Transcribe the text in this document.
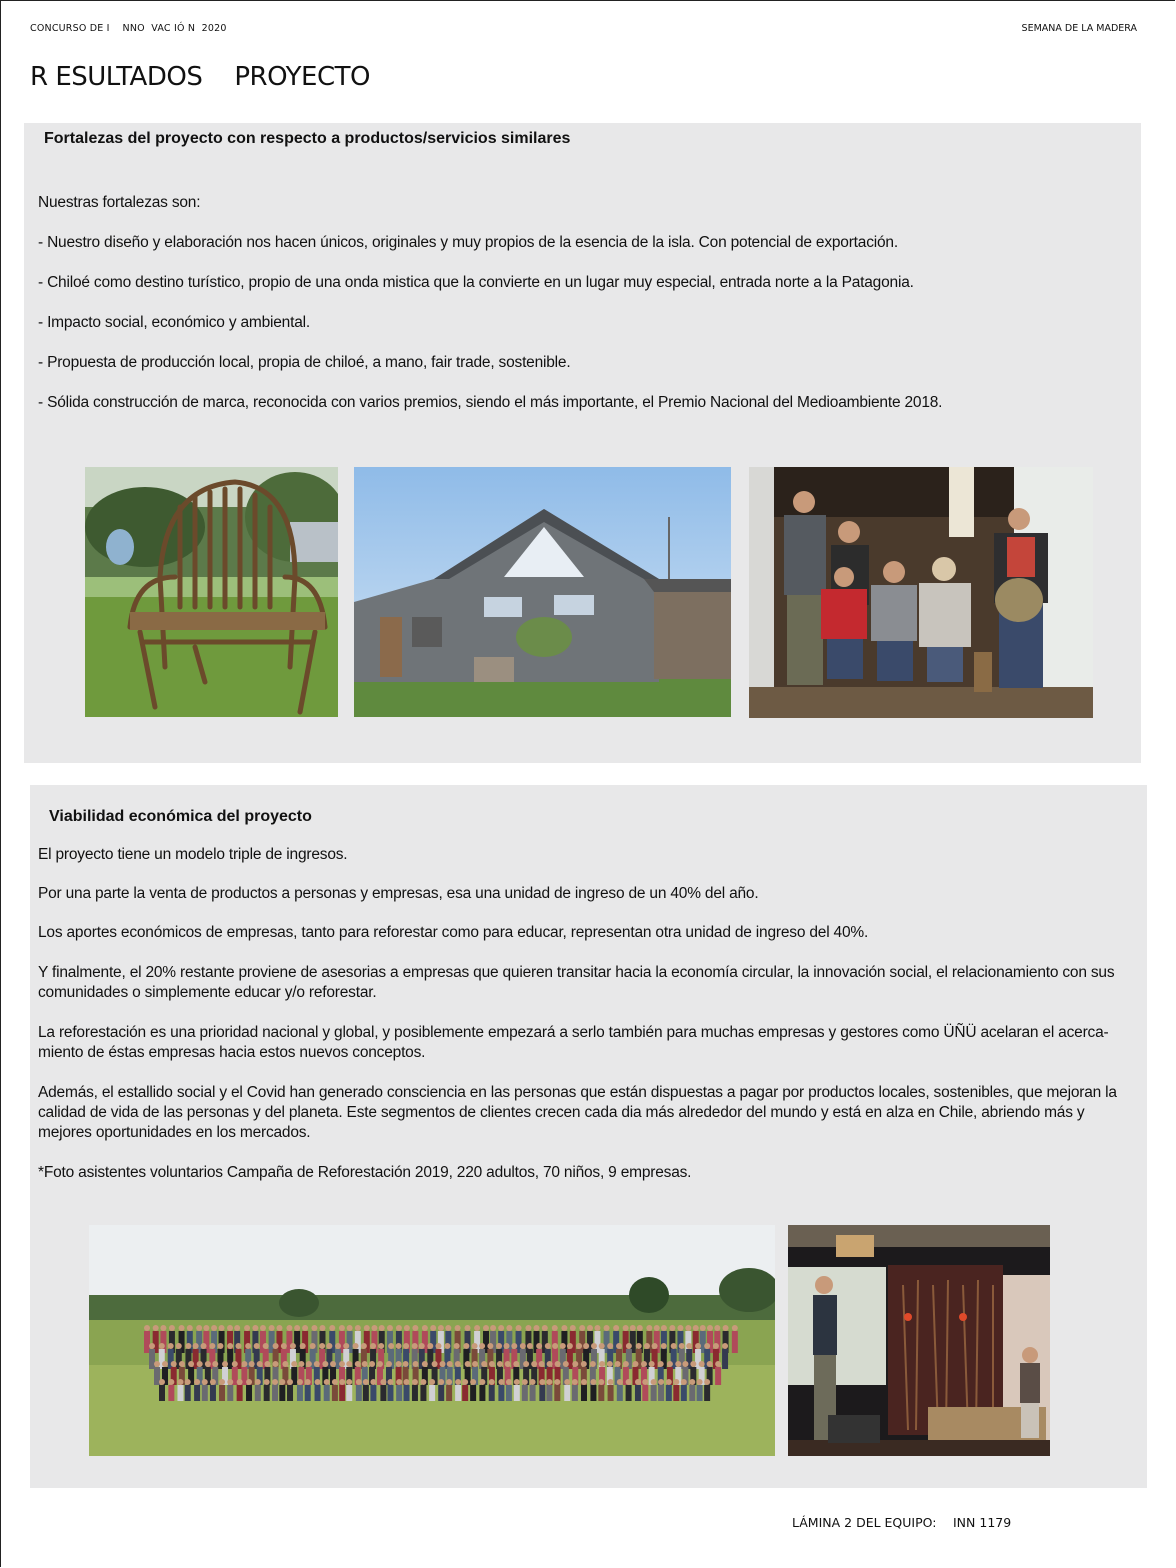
CONCURSO DE I    NNO  VAC IÓ N  2020	SEMANA DE LA MADERA
R ESULTADOS PROYECTO
Fortalezas del proyecto con respecto a productos/servicios similares

Nuestras fortalezas son:

- Nuestro diseño y elaboración nos hacen únicos, originales y muy propios de la esencia de la isla. Con potencial de exportación.

- Chiloé como destino turístico, propio de una onda mistica que la convierte en un lugar muy especial, entrada norte a la Patagonia.

- Impacto social, económico y ambiental.

- Propuesta de producción local, propia de chiloé, a mano, fair trade, sostenible.

- Sólida construcción de marca, reconocida con varios premios, siendo el más importante, el Premio Nacional del Medioambiente 2018.

Viabilidad económica del proyecto

El proyecto tiene un modelo triple de ingresos.

Por una parte la venta de productos a personas y empresas, esa una unidad de ingreso de un 40% del año.

Los aportes económicos de empresas, tanto para reforestar como para educar, representan otra unidad de ingreso del 40%.

Y finalmente, el 20% restante proviene de asesorias a empresas que quieren transitar hacia la economía circular, la innovación social, el relacionamiento con sus comunidades o simplemente educar y/o reforestar.

La reforestación es una prioridad nacional y global, y posiblemente empezará a serlo también para muchas empresas y gestores como ÜÑÜ acelaran el acerca-miento de éstas empresas hacia estos nuevos conceptos.

Además, el estallido social y el Covid han generado consciencia en las personas que están dispuestas a pagar por productos locales, sostenibles, que mejoran la calidad de vida de las personas y del planeta. Este segmentos de clientes crecen cada dia más alrededor del mundo y está en alza en Chile, abriendo más y mejores oportunidades en los mercados.

*Foto asistentes voluntarios Campaña de Reforestación 2019, 220 adultos, 70 niños, 9 empresas.

LÁMINA 2 DEL EQUIPO: INN 1179
